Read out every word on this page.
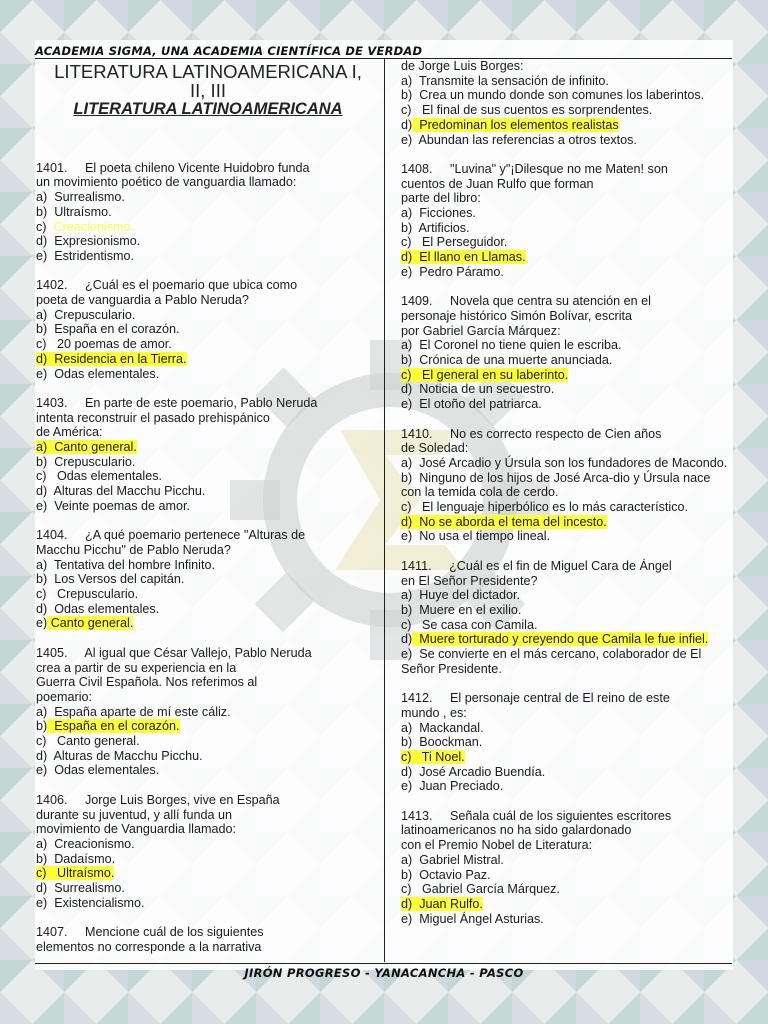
ACADEMIA SIGMA, UNA ACADEMIA CIENTÍFICA DE VERDAD
JIRÓN PROGRESO - YANACANCHA - PASCO
LITERATURA LATINOAMERICANA I,
II, III
LITERATURA LATINOAMERICANA
1401.     El poeta chileno Vicente Huidobro funda
un movimiento poético de vanguardia llamado:
a)  Surrealismo.
b)  Ultraísmo.
c)  Creacionismo.
d)  Expresionismo.
e)  Estridentismo.
1402.     ¿Cuál es el poemario que ubica como
poeta de vanguardia a Pablo Neruda?
a)  Crepusculario.
b)  España en el corazón.
c)   20 poemas de amor.
d)  Residencia en la Tierra.
e)  Odas elementales.
1403.     En parte de este poemario, Pablo Neruda
intenta reconstruir el pasado prehispánico
de América:
a)  Canto general.
b)  Crepusculario.
c)   Odas elementales.
d)  Alturas del Macchu Picchu.
e)  Veinte poemas de amor.
1404.     ¿A qué poemario pertenece "Alturas de
Macchu Picchu" de Pablo Neruda?
a)  Tentativa del hombre Infinito.
b)  Los Versos del capitán.
c)   Crepusculario.
d)  Odas elementales.
e) Canto general.
1405.     Al igual que César Vallejo, Pablo Neruda
crea a partir de su experiencia en la
Guerra Civil Española. Nos referimos al
poemario:
a)  España aparte de mí este cáliz.
b)  España en el corazón.
c)   Canto general.
d)  Alturas de Macchu Picchu.
e)  Odas elementales.
1406.     Jorge Luis Borges, vive en España
durante su juventud, y allí funda un
movimiento de Vanguardia llamado:
a)  Creacionismo.
b)  Dadaísmo.
c)   Ultraísmo.
d)  Surrealismo.
e)  Existencialismo.
1407.     Mencione cuál de los siguientes
elementos no corresponde a la narrativa
de Jorge Luis Borges:
a)  Transmite la sensación de infinito.
b)  Crea un mundo donde son comunes los laberintos.
c)   El final de sus cuentos es sorprendentes.
d)  Predominan los elementos realistas
e)  Abundan las referencias a otros textos.
1408.     "Luvina" y"¡Dilesque no me Maten! son
cuentos de Juan Rulfo que forman
parte del libro:
a)  Ficciones.
b)  Artificios.
c)   El Perseguidor.
d)  El llano en Llamas.
e)  Pedro Páramo.
1409.     Novela que centra su atención en el
personaje histórico Simón Bolívar, escrita
por Gabriel García Márquez:
a)  El Coronel no tiene quien le escriba.
b)  Crónica de una muerte anunciada.
c)   El general en su laberinto.
d)  Noticia de un secuestro.
e)  El otoño del patriarca.
1410.     No es correcto respecto de Cien años
de Soledad:
a)  José Arcadio y Úrsula son los fundadores de Macondo.
b)  Ninguno de los hijos de José Arca-dio y Úrsula nace con la temida cola de cerdo.
c)   El lenguaje hiperbólico es lo más característico.
d)  No se aborda el tema del incesto.
e)  No usa el tiempo lineal.
1411.     ¿Cuál es el fin de Miguel Cara de Ángel
en El Señor Presidente?
a)  Huye del dictador.
b)  Muere en el exilio.
c)   Se casa con Camila.
d)  Muere torturado y creyendo que Camila le fue infiel.
e)  Se convierte en el más cercano, colaborador de El Señor Presidente.
1412.     El personaje central de El reino de este
mundo , es:
a)  Mackandal.
b)  Boockman.
c)   Ti Noel.
d)  José Arcadio Buendía.
e)  Juan Preciado.
1413.     Señala cuál de los siguientes escritores
latinoamericanos no ha sido galardonado
con el Premio Nobel de Literatura:
a)  Gabriel Mistral.
b)  Octavio Paz.
c)   Gabriel García Márquez.
d)  Juan Rulfo.
e)  Miguel Ángel Asturias.
